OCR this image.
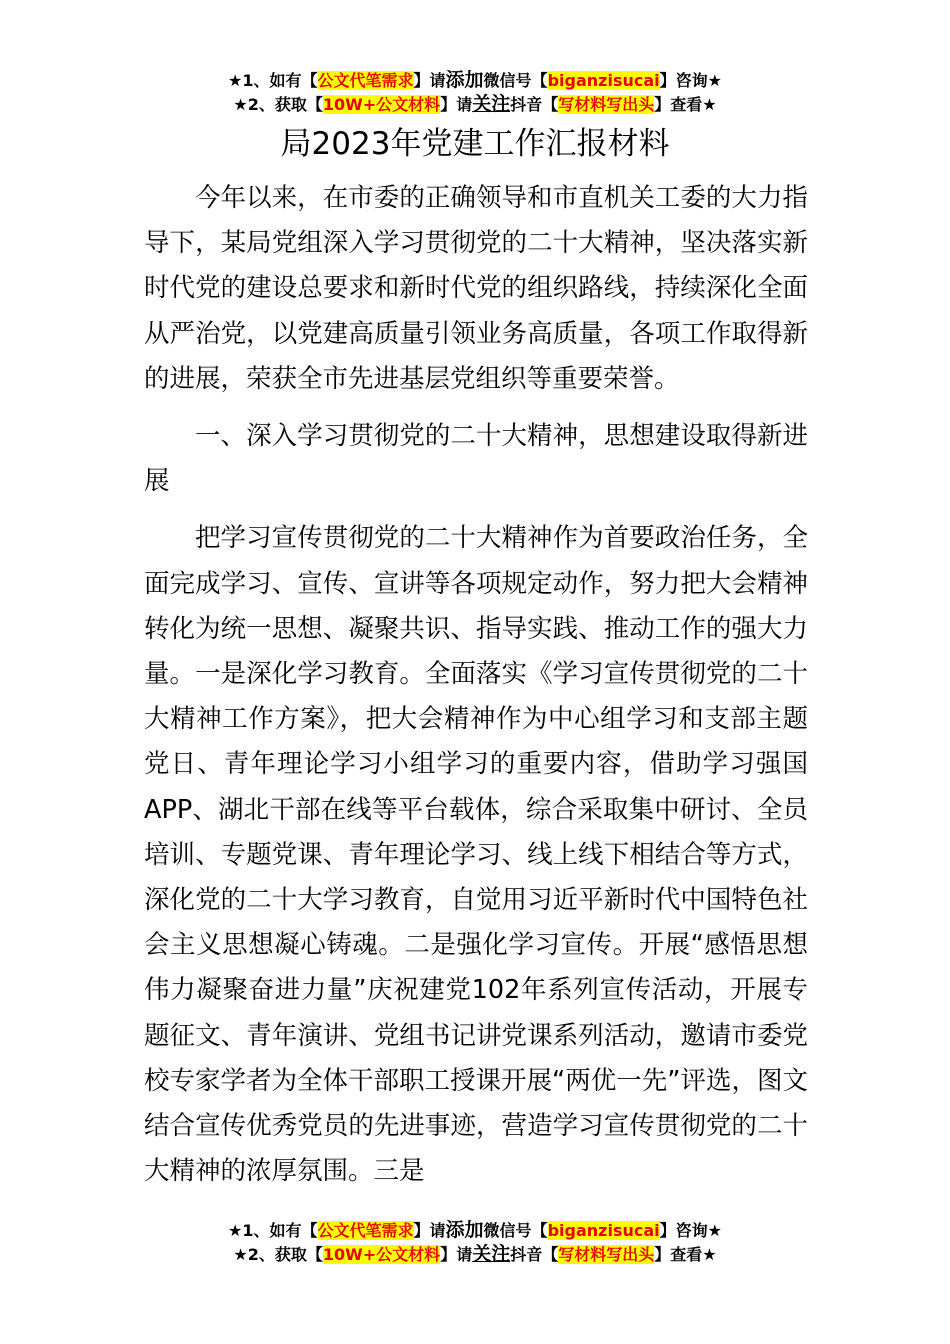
★1、如有【公文代笔需求】请添加微信号【biganzisucai】咨询★
★2、获取【10W+公文材料】请关注抖音【写材料写出头】查看★
局2023年党建工作汇报材料

今年以来，在市委的正确领导和市直机关工委的大力指导下，某局党组深入学习贯彻党的二十大精神，坚决落实新时代党的建设总要求和新时代党的组织路线，持续深化全面从严治党，以党建高质量引领业务高质量，各项工作取得新的进展，荣获全市先进基层党组织等重要荣誉。

一、深入学习贯彻党的二十大精神，思想建设取得新进展

把学习宣传贯彻党的二十大精神作为首要政治任务，全面完成学习、宣传、宣讲等各项规定动作，努力把大会精神转化为统一思想、凝聚共识、指导实践、推动工作的强大力量。一是深化学习教育。全面落实《学习宣传贯彻党的二十大精神工作方案》，把大会精神作为中心组学习和支部主题党日、青年理论学习小组学习的重要内容，借助学习强国APP、湖北干部在线等平台载体，综合采取集中研讨、全员培训、专题党课、青年理论学习、线上线下相结合等方式，深化党的二十大学习教育，自觉用习近平新时代中国特色社会主义思想凝心铸魂。二是强化学习宣传。开展“感悟思想伟力凝聚奋进力量”庆祝建党102年系列宣传活动，开展专题征文、青年演讲、党组书记讲党课系列活动，邀请市委党校专家学者为全体干部职工授课开展“两优一先”评选，图文结合宣传优秀党员的先进事迹，营造学习宣传贯彻党的二十大精神的浓厚氛围。三是

★1、如有【公文代笔需求】请添加微信号【biganzisucai】咨询★
★2、获取【10W+公文材料】请关注抖音【写材料写出头】查看★
